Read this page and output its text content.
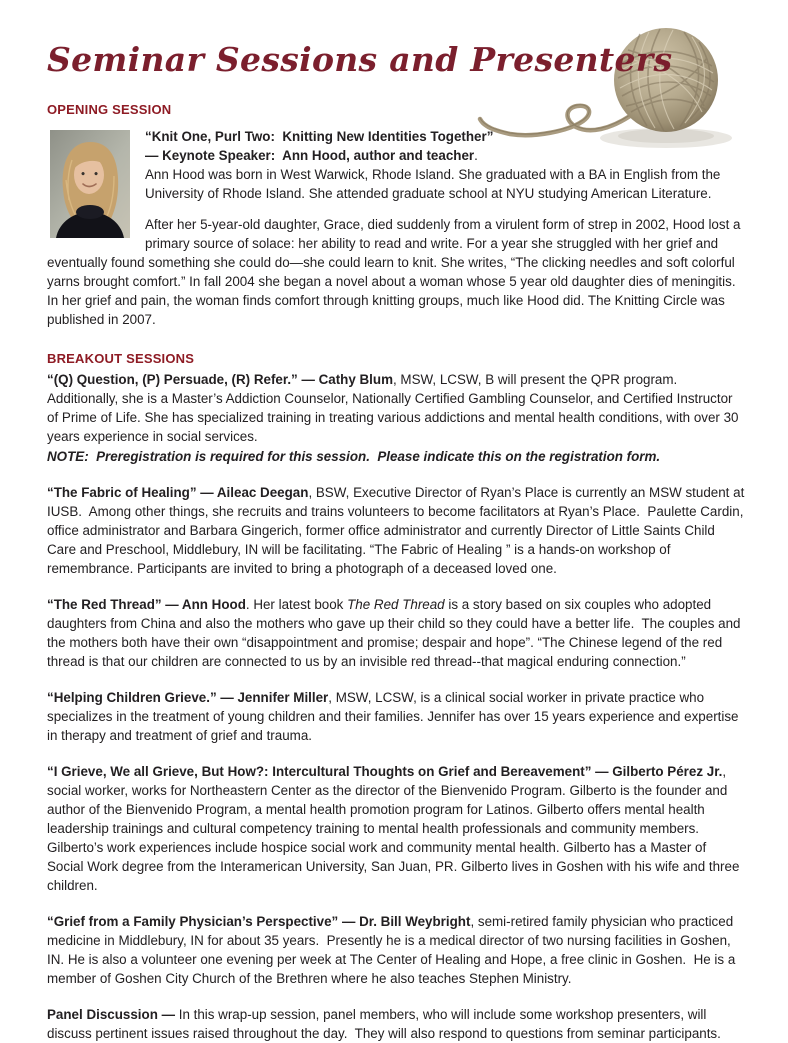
Seminar Sessions and Presenters
OPENING SESSION

“Knit One, Purl Two:  Knitting New Identities Together”
— Keynote Speaker:  Ann Hood, author and teacher.
Ann Hood was born in West Warwick, Rhode Island. She graduated with a BA in English from the University of Rhode Island. She attended graduate school at NYU studying American Literature.

After her 5-year-old daughter, Grace, died suddenly from a virulent form of strep in 2002, Hood lost a primary source of solace: her ability to read and write. For a year she struggled with her grief and eventually found something she could do—she could learn to knit. She writes, “The clicking needles and soft colorful yarns brought comfort.” In fall 2004 she began a novel about a woman whose 5 year old daughter dies of meningitis.  In her grief and pain, the woman finds comfort through knitting groups, much like Hood did. The Knitting Circle was published in 2007.

BREAKOUT SESSIONS

“(Q) Question, (P) Persuade, (R) Refer.” — Cathy Blum, MSW, LCSW, B will present the QPR program.  Additionally, she is a Master’s Addiction Counselor, Nationally Certified Gambling Counselor, and Certified Instructor of Prime of Life. She has specialized training in treating various addictions and mental health conditions, with over 30 years experience in social services.

NOTE:  Preregistration is required for this session.  Please indicate this on the registration form.

“The Fabric of Healing” — Aileac Deegan, BSW, Executive Director of Ryan’s Place is currently an MSW student at IUSB.  Among other things, she recruits and trains volunteers to become facilitators at Ryan’s Place.  Paulette Cardin, office administrator and Barbara Gingerich, former office administrator and currently Director of Little Saints Child Care and Preschool, Middlebury, IN will be facilitating. “The Fabric of Healing ” is a hands-on workshop of remembrance. Participants are invited to bring a photograph of a deceased loved one.

“The Red Thread” — Ann Hood. Her latest book The Red Thread is a story based on six couples who adopted daughters from China and also the mothers who gave up their child so they could have a better life.  The couples and the mothers both have their own “disappointment and promise; despair and hope”. “The Chinese legend of the red thread is that our children are connected to us by an invisible red thread--that magical enduring connection.”

“Helping Children Grieve.” — Jennifer Miller, MSW, LCSW, is a clinical social worker in private practice who specializes in the treatment of young children and their families. Jennifer has over 15 years experience and expertise in therapy and treatment of grief and trauma.

“I Grieve, We all Grieve, But How?: Intercultural Thoughts on Grief and Bereavement” — Gilberto Pérez Jr., social worker, works for Northeastern Center as the director of the Bienvenido Program. Gilberto is the founder and author of the Bienvenido Program, a mental health promotion program for Latinos. Gilberto offers mental health leadership trainings and cultural competency training to mental health professionals and community members. Gilberto’s work experiences include hospice social work and community mental health. Gilberto has a Master of Social Work degree from the Interamerican University, San Juan, PR. Gilberto lives in Goshen with his wife and three children.

“Grief from a Family Physician’s Perspective” — Dr. Bill Weybright, semi-retired family physician who practiced medicine in Middlebury, IN for about 35 years.  Presently he is a medical director of two nursing facilities in Goshen, IN. He is also a volunteer one evening per week at The Center of Healing and Hope, a free clinic in Goshen.  He is a member of Goshen City Church of the Brethren where he also teaches Stephen Ministry.

Panel Discussion — In this wrap-up session, panel members, who will include some workshop presenters, will discuss pertinent issues raised throughout the day.  They will also respond to questions from seminar participants.
